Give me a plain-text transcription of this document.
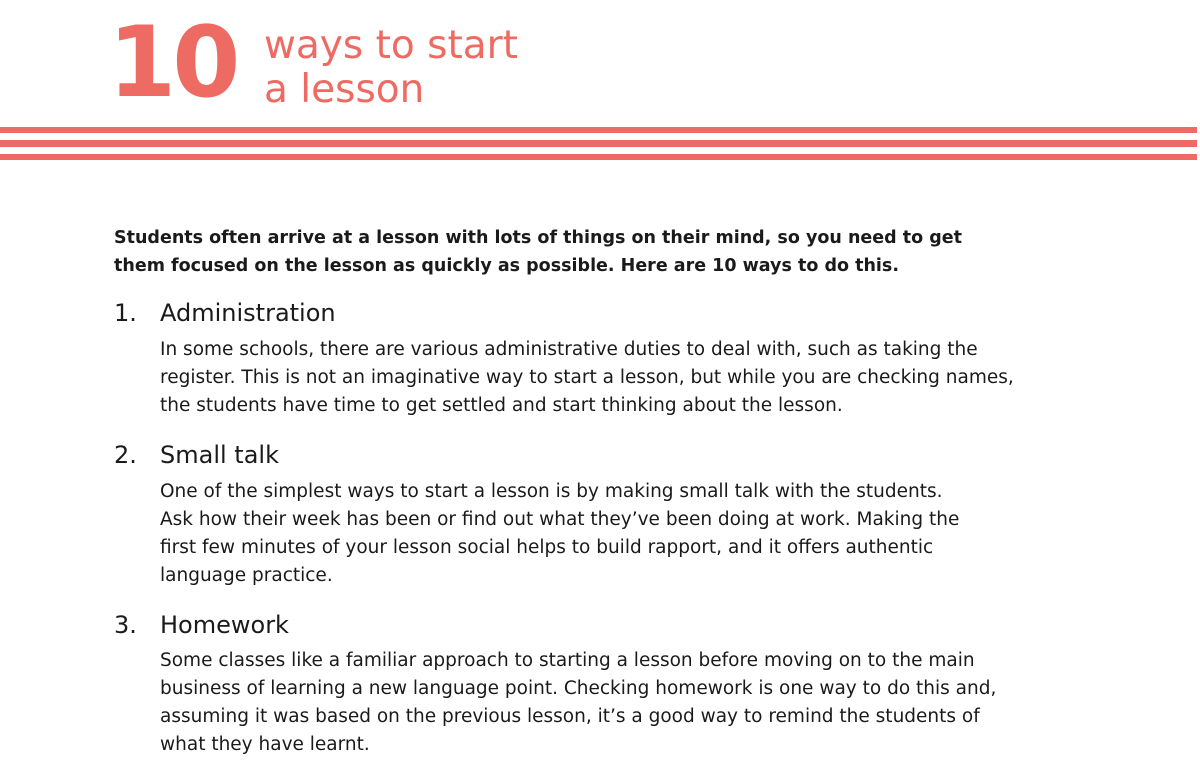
10 ways to start
a lesson
Students often arrive at a lesson with lots of things on their mind, so you need to get
them focused on the lesson as quickly as possible. Here are 10 ways to do this.
1. Administration
In some schools, there are various administrative duties to deal with, such as taking the
register. This is not an imaginative way to start a lesson, but while you are checking names,
the students have time to get settled and start thinking about the lesson.
2. Small talk
One of the simplest ways to start a lesson is by making small talk with the students.
Ask how their week has been or find out what they’ve been doing at work. Making the
first few minutes of your lesson social helps to build rapport, and it offers authentic
language practice.
3. Homework
Some classes like a familiar approach to starting a lesson before moving on to the main
business of learning a new language point. Checking homework is one way to do this and,
assuming it was based on the previous lesson, it’s a good way to remind the students of
what they have learnt.
